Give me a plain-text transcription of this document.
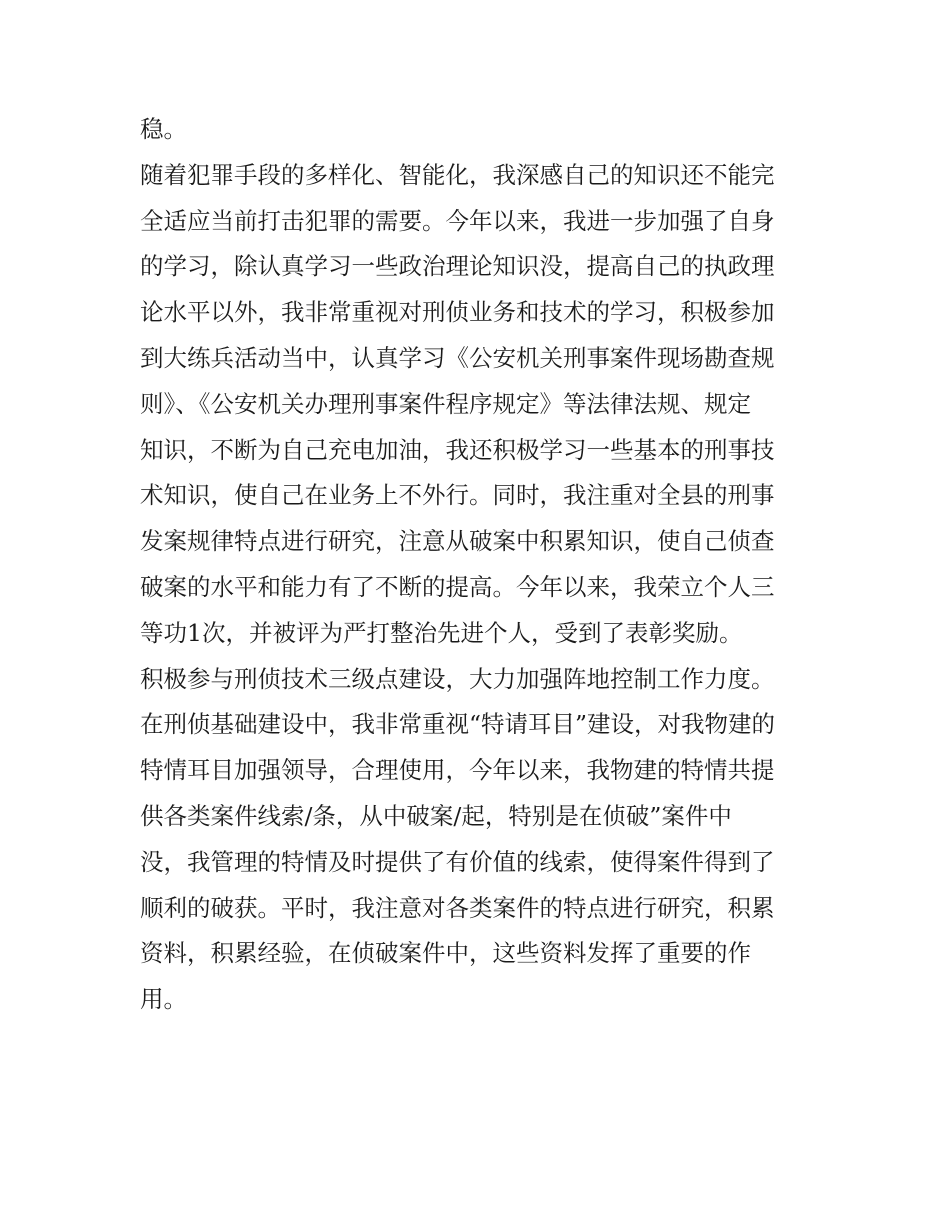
稳。

随着犯罪手段的多样化、智能化，我深感自己的知识还不能完

全适应当前打击犯罪的需要。今年以来，我进一步加强了自身

的学习，除认真学习一些政治理论知识没，提高自己的执政理

论水平以外，我非常重视对刑侦业务和技术的学习，积极参加

到大练兵活动当中，认真学习《公安机关刑事案件现场勘查规

则》、《公安机关办理刑事案件程序规定》等法律法规、规定

知识，不断为自己充电加油，我还积极学习一些基本的刑事技

术知识，使自己在业务上不外行。同时，我注重对全县的刑事

发案规律特点进行研究，注意从破案中积累知识，使自己侦查

破案的水平和能力有了不断的提高。今年以来，我荣立个人三

等功1次，并被评为严打整治先进个人，受到了表彰奖励。

积极参与刑侦技术三级点建设，大力加强阵地控制工作力度。

在刑侦基础建设中，我非常重视“特请耳目”建设，对我物建的

特情耳目加强领导，合理使用，今年以来，我物建的特情共提

供各类案件线索/条，从中破案/起，特别是在侦破”案件中

没，我管理的特情及时提供了有价值的线索，使得案件得到了

顺利的破获。平时，我注意对各类案件的特点进行研究，积累

资料，积累经验，在侦破案件中，这些资料发挥了重要的作

用。
